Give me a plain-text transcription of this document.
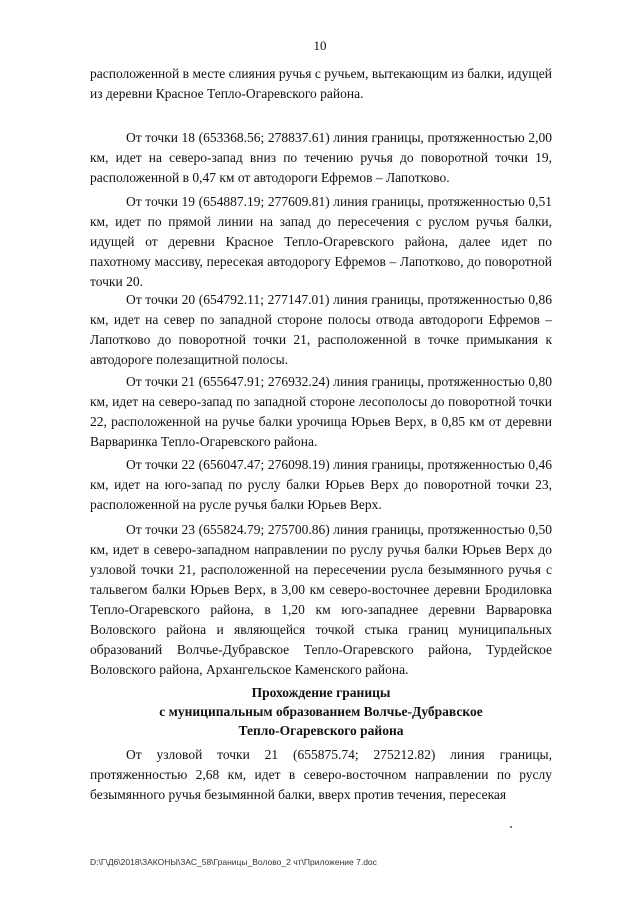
10

расположенной в месте слияния ручья с ручьем, вытекающим из балки, идущей из деревни Красное Тепло-Огаревского района.

От точки 18 (653368.56; 278837.61) линия границы, протяженностью 2,00 км, идет на северо-запад вниз по течению ручья до поворотной точки 19, расположенной в 0,47 км от автодороги Ефремов – Лапотково.

От точки 19 (654887.19; 277609.81) линия границы, протяженностью 0,51 км, идет по прямой линии на запад до пересечения с руслом ручья балки, идущей от деревни Красное Тепло-Огаревского района, далее идет по пахотному массиву, пересекая автодорогу Ефремов – Лапотково, до поворотной точки 20.

От точки 20 (654792.11; 277147.01) линия границы, протяженностью 0,86 км, идет на север по западной стороне полосы отвода автодороги Ефремов – Лапотково до поворотной точки 21, расположенной в точке примыкания к автодороге полезащитной полосы.

От точки 21 (655647.91; 276932.24) линия границы, протяженностью 0,80 км, идет на северо-запад по западной стороне лесополосы до поворотной точки 22, расположенной на ручье балки урочища Юрьев Верх, в 0,85 км от деревни Варваринка Тепло-Огаревского района.

От точки 22 (656047.47; 276098.19) линия границы, протяженностью 0,46 км, идет на юго-запад по руслу балки Юрьев Верх до поворотной точки 23, расположенной на русле ручья балки Юрьев Верх.

От точки 23 (655824.79; 275700.86) линия границы, протяженностью 0,50 км, идет в северо-западном направлении по руслу ручья балки Юрьев Верх до узловой точки 21, расположенной на пересечении русла безымянного ручья с тальвегом балки Юрьев Верх, в 3,00 км северо-восточнее деревни Бродиловка Тепло-Огаревского района, в 1,20 км юго-западнее деревни Варваровка Воловского района и являющейся точкой стыка границ муниципальных образований Волчье-Дубравское Тепло-Огаревского района, Турдейское Воловского района, Архангельское Каменского района.

Прохождение границы
с муниципальным образованием Волчье-Дубравское
Тепло-Огаревского района

От узловой точки 21 (655875.74; 275212.82) линия границы, протяженностью 2,68 км, идет в северо-восточном направлении по руслу безымянного ручья безымянной балки, вверх против течения, пересекая

D:\Г\Д6\2018\ЗАКОНЫ\ЗАС_58\Границы_Волово_2 чт\Приложение 7.doc
